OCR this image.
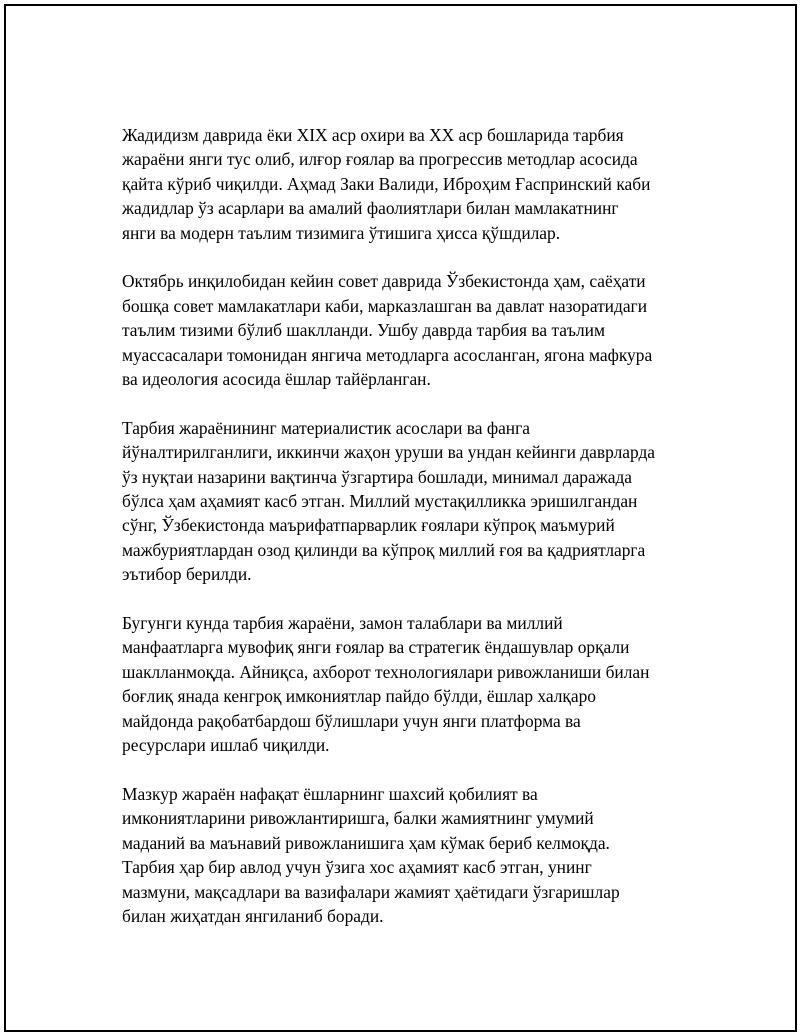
Жадидизм даврида ёки XIX аср охири ва XX аср бошларида тарбия
жараёни янги тус олиб, илғор ғоялар ва прогрессив методлар асосида
қайта кўриб чиқилди. Аҳмад Заки Валиди, Иброҳим Ғаспринский каби
жадидлар ўз асарлари ва амалий фаолиятлари билан мамлакатнинг
янги ва модерн таълим тизимига ўтишига ҳисса қўшдилар.

Октябрь инқилобидан кейин совет даврида Ўзбекистонда ҳам, саёҳати
бошқа совет мамлакатлари каби, марказлашган ва давлат назоратидаги
таълим тизими бўлиб шаклланди. Ушбу даврда тарбия ва таълим
муассасалари томонидан янгича методларга асосланган, ягона мафкура
ва идеология асосида ёшлар тайёрланган.

Тарбия жараёнининг материалистик асослари ва фанга
йўналтирилганлиги, иккинчи жаҳон уруши ва ундан кейинги даврларда
ўз нуқтаи назарини вақтинча ўзгартира бошлади, минимал даражада
бўлса ҳам аҳамият касб этган. Миллий мустақилликка эришилгандан
сўнг, Ўзбекистонда маърифатпарварлик ғоялари кўпроқ маъмурий
мажбуриятлардан озод қилинди ва кўпроқ миллий ғоя ва қадриятларга
эътибор берилди.

Бугунги кунда тарбия жараёни, замон талаблари ва миллий
манфаатларга мувофиқ янги ғоялар ва стратегик ёндашувлар орқали
шаклланмоқда. Айниқса, ахборот технологиялари ривожланиши билан
боғлиқ янада кенгроқ имкониятлар пайдо бўлди, ёшлар халқаро
майдонда рақобатбардош бўлишлари учун янги платформа ва
ресурслари ишлаб чиқилди.

Мазкур жараён нафақат ёшларнинг шахсий қобилият ва
имкониятларини ривожлантиришга, балки жамиятнинг умумий
маданий ва маънавий ривожланишига ҳам кўмак бериб келмоқда.
Тарбия ҳар бир авлод учун ўзига хос аҳамият касб этган, унинг
мазмуни, мақсадлари ва вазифалари жамият ҳаётидаги ўзгаришлар
билан жиҳатдан янгиланиб боради.
